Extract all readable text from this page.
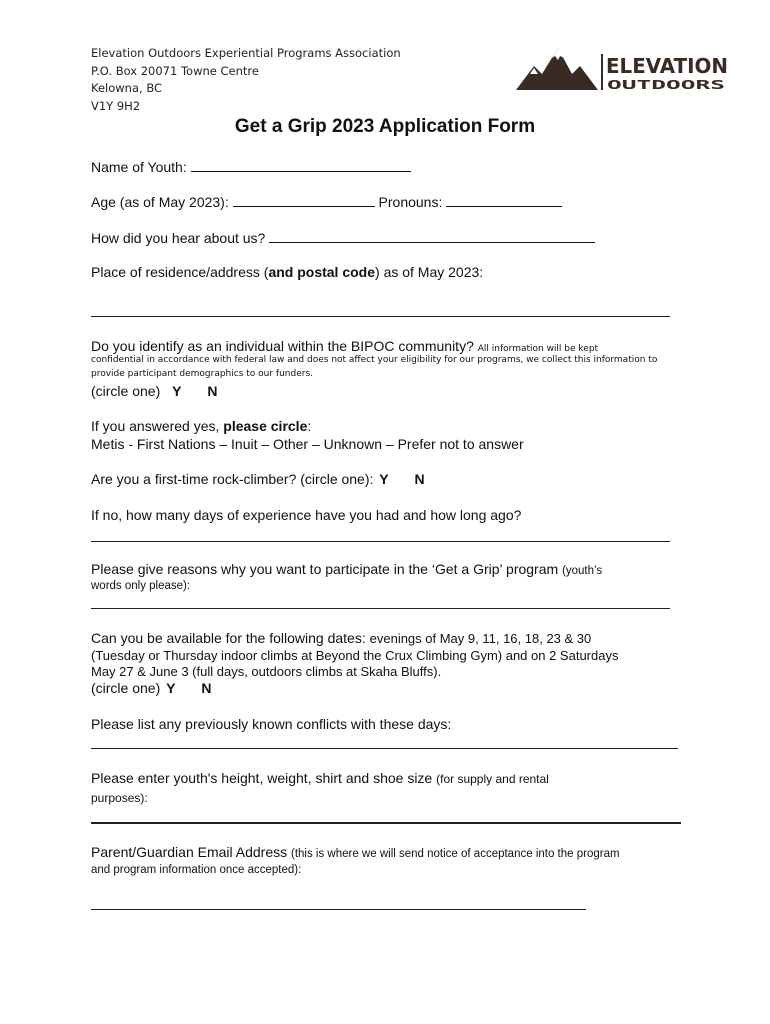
Elevation Outdoors Experiential Programs Association
P.O. Box 20071 Towne Centre
Kelowna, BC
V1Y 9H2
ELEVATION
OUTDOORS
Get a Grip 2023 Application Form
Name of Youth:
Age (as of May 2023):	Pronouns:
How did you hear about us?
Place of residence/address (and postal code) as of May 2023:
Do you identify as an individual within the BIPOC community? All information will be kept
confidential in accordance with federal law and does not affect your eligibility for our programs, we collect this information to
provide participant demographics to our funders.
(circle one) Y N
If you answered yes, please circle:
Metis - First Nations – Inuit – Other – Unknown – Prefer not to answer
Are you a first-time rock-climber? (circle one): Y N
If no, how many days of experience have you had and how long ago?
Please give reasons why you want to participate in the ‘Get a Grip’ program (youth’s
words only please):
Can you be available for the following dates: evenings of May 9, 11, 16, 18, 23 & 30
(Tuesday or Thursday indoor climbs at Beyond the Crux Climbing Gym) and on 2 Saturdays
May 27 & June 3 (full days, outdoors climbs at Skaha Bluffs).
(circle one) Y N
Please list any previously known conflicts with these days:
Please enter youth's height, weight, shirt and shoe size (for supply and rental
purposes):
Parent/Guardian Email Address (this is where we will send notice of acceptance into the program
and program information once accepted):
